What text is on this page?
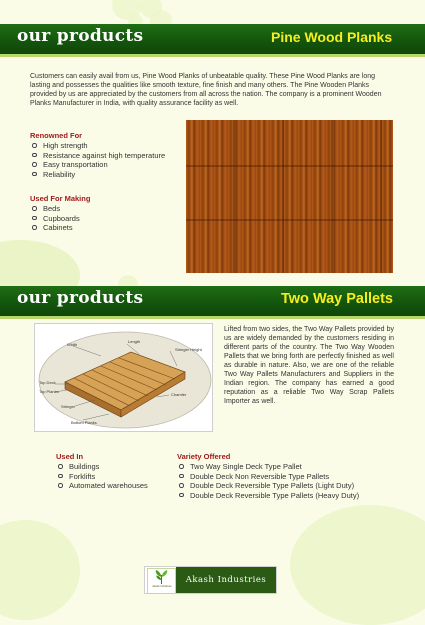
our products	Pine Wood Planks

Customers can easily avail from us, Pine Wood Planks of unbeatable quality. These Pine Wood Planks are long lasting and possesses the qualities like smooth texture, fine finish and many others. The Pine Wooden Planks provided by us are appreciated by the customers from all across the nation. The company is a prominent Wooden Planks Manufacturer in India, with quality assurance facility as well.

Renowned For
High strength
Resistance against high temperature
Easy transportation
Reliability
Used For Making
Beds
Cupboards
Cabinets
our products	Two Way Pallets
Width
Length
Stringer Height
Top Deck
Top Planks
Chamfer
Stringer
Bottom Planks

Lifted from two sides, the Two Way Pallets provided by us are widely demanded by the customers residing in different parts of the country. The Two Way Wooden Pallets that we bring forth are perfectly finished as well as durable in nature. Also, we are one of the reliable Two Way Pallets Manufacturers and Suppliers in the Indian region. The company has earned a good reputation as a reliable Two Way Scrap Pallets Importer as well.

Used In
Buildings
Forklifts
Automated warehouses
Variety Offered
Two Way Single Deck Type Pallet
Double Deck Non Reversible Type Pallets
Double Deck Reversible Type Pallets (Light Duty)
Double Deck Reversible Type Pallets (Heavy Duty)
Akash Industries
Akash Industries
